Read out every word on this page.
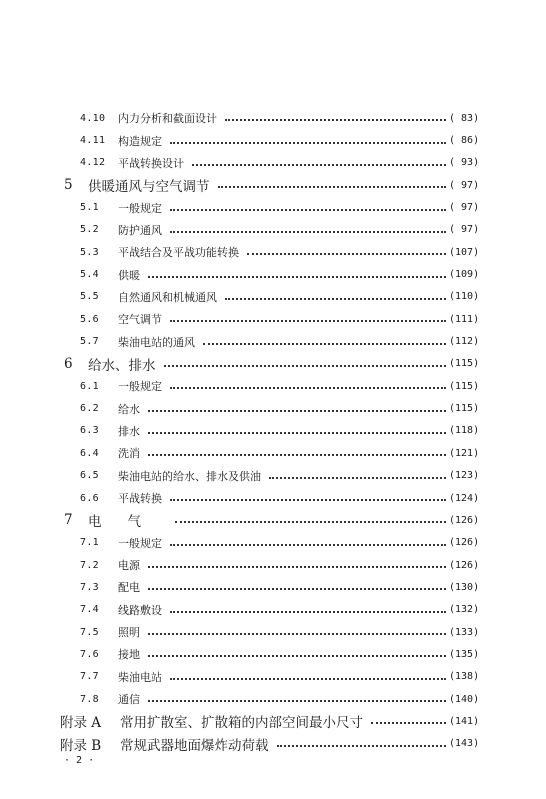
4.10	内力分析和截面设计	( 83)
4.11	构造规定	( 86)
4.12	平战转换设计	( 93)
5 供暖通风与空气调节	( 97)
5.1	一般规定	( 97)
5.2	防护通风	( 97)
5.3	平战结合及平战功能转换	(107)
5.4	供暖	(109)
5.5	自然通风和机械通风	(110)
5.6	空气调节	(111)
5.7	柴油电站的通风	(112)
6 给水、排水	(115)
6.1	一般规定	(115)
6.2	给水	(115)
6.3	排水	(118)
6.4	洗消	(121)
6.5	柴油电站的给水、排水及供油	(123)
6.6	平战转换	(124)
7 电气	(126)
7.1	一般规定	(126)
7.2	电源	(126)
7.3	配电	(130)
7.4	线路敷设	(132)
7.5	照明	(133)
7.6	接地	(135)
7.7	柴油电站	(138)
7.8	通信	(140)
附录 A 常用扩散室、扩散箱的内部空间最小尺寸	(141)
附录 B 常规武器地面爆炸动荷载	(143)
· 2 ·
